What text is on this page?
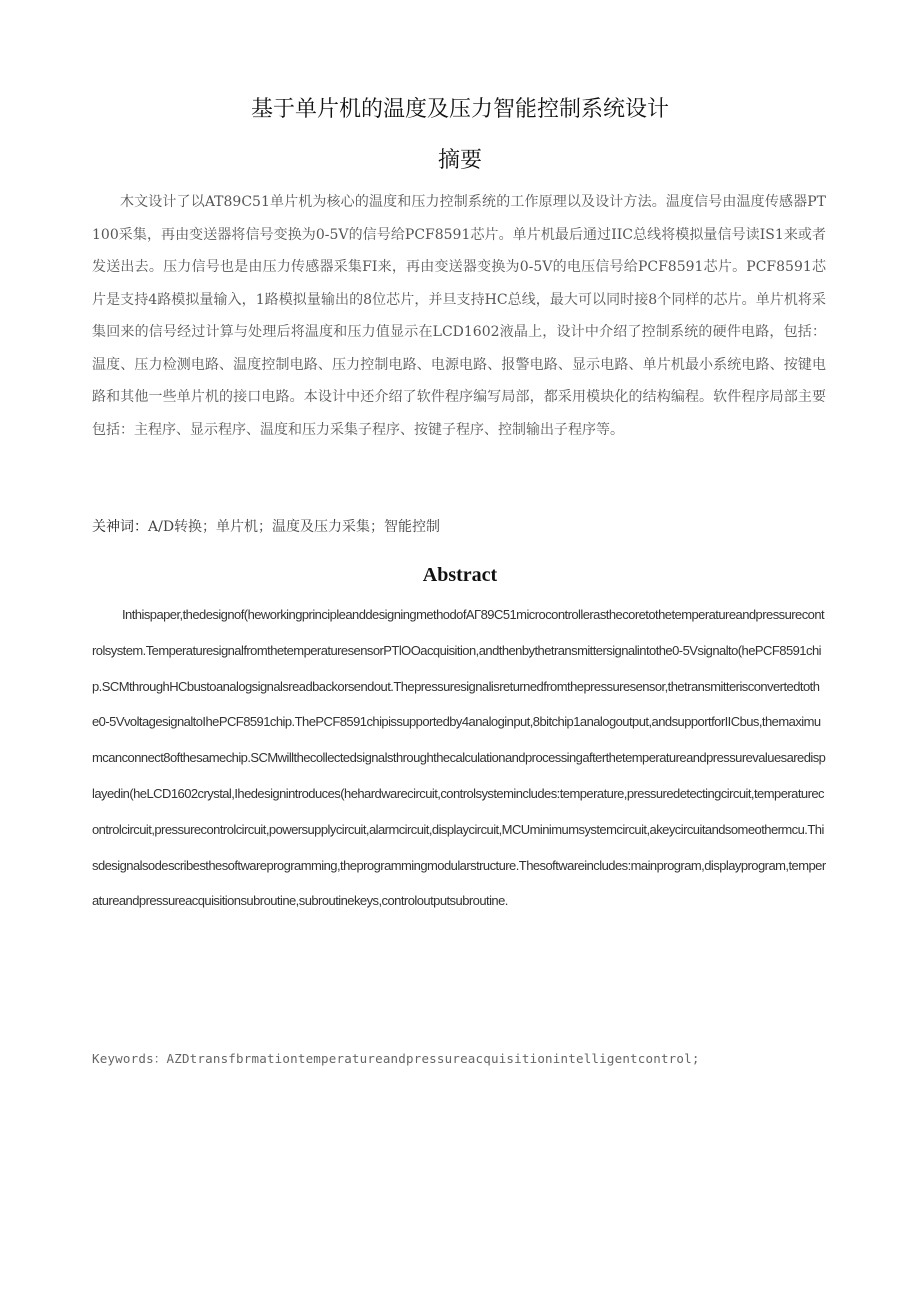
基于单片机的温度及压力智能控制系统设计
摘要

木文设计了以AT89C51单片机为核心的温度和压力控制系统的工作原理以及设计方法。温度信号由温度传感器PT100采集，再由变送器将信号变换为0-5V的信号给PCF8591芯片。单片机最后通过IIC总线将模拟量信号读IS1来或者发送出去。压力信号也是由压力传感器采集FI来，再由变送器变换为0-5V的电压信号给PCF8591芯片。PCF8591芯片是支持4路模拟量输入，1路模拟量输出的8位芯片，并旦支持HC总线，最大可以同时接8个同样的芯片。单片机将采集回来的信号经过计算与处理后将温度和压力值显示在LCD1602液晶上，设计中介绍了控制系统的硬件电路，包括：温度、压力检测电路、温度控制电路、压力控制电路、电源电路、报警电路、显示电路、单片机最小系统电路、按键电路和其他一些单片机的接口电路。本设计中还介绍了软件程序编写局部，都采用模块化的结构编程。软件程序局部主要包括：主程序、显示程序、温度和压力采集子程序、按键子程序、控制输出子程序等。

关神词：A/D转换；单片机；温度及压力采集；智能控制

Abstract

Inthispaper,thedesignof(heworkingprincipleanddesigningmethodofAΓ89C51microcontrollerasthecoretothetemperatureandpressurecontrolsystem.TemperaturesignalfromthetemperaturesensorPTlOOacquisition,andthenbythetransmittersignalintothe0-5Vsignalto(hePCF8591chip.SCMthroughHCbustoanalogsignalsreadbackorsendout.Thepressuresignalisreturnedfromthepressuresensor,thetransmitterisconvertedtothe0-5VvoltagesignaltoIhePCF8591chip.ThePCF8591chipissupportedby4analoginput,8bitchip1analogoutput,andsupportforIICbus,themaximumcanconnect8ofthesamechip.SCMwillthecollectedsignalsthroughthecalculationandprocessingafterthetemperatureandpressurevaluesaredisplayedin(heLCD1602crystal,Ihedesignintroduces(hehardwarecircuit,controlsystemincludes:temperature,pressuredetectingcircuit,temperaturecontrolcircuit,pressurecontrolcircuit,powersupplycircuit,alarmcircuit,displaycircuit,MCUminimumsystemcircuit,akeycircuitandsomeothermcu.Thisdesignalsodescribesthesoftwareprogramming,theprogrammingmodularstructure.Thesoftwareincludes:mainprogram,displayprogram,temperatureandpressureacquisitionsubroutine,subroutinekeys,controloutputsubroutine.

Keywords：AZDtransfbrmationtemperatureandpressureacquisitionintelligentcontrol;
